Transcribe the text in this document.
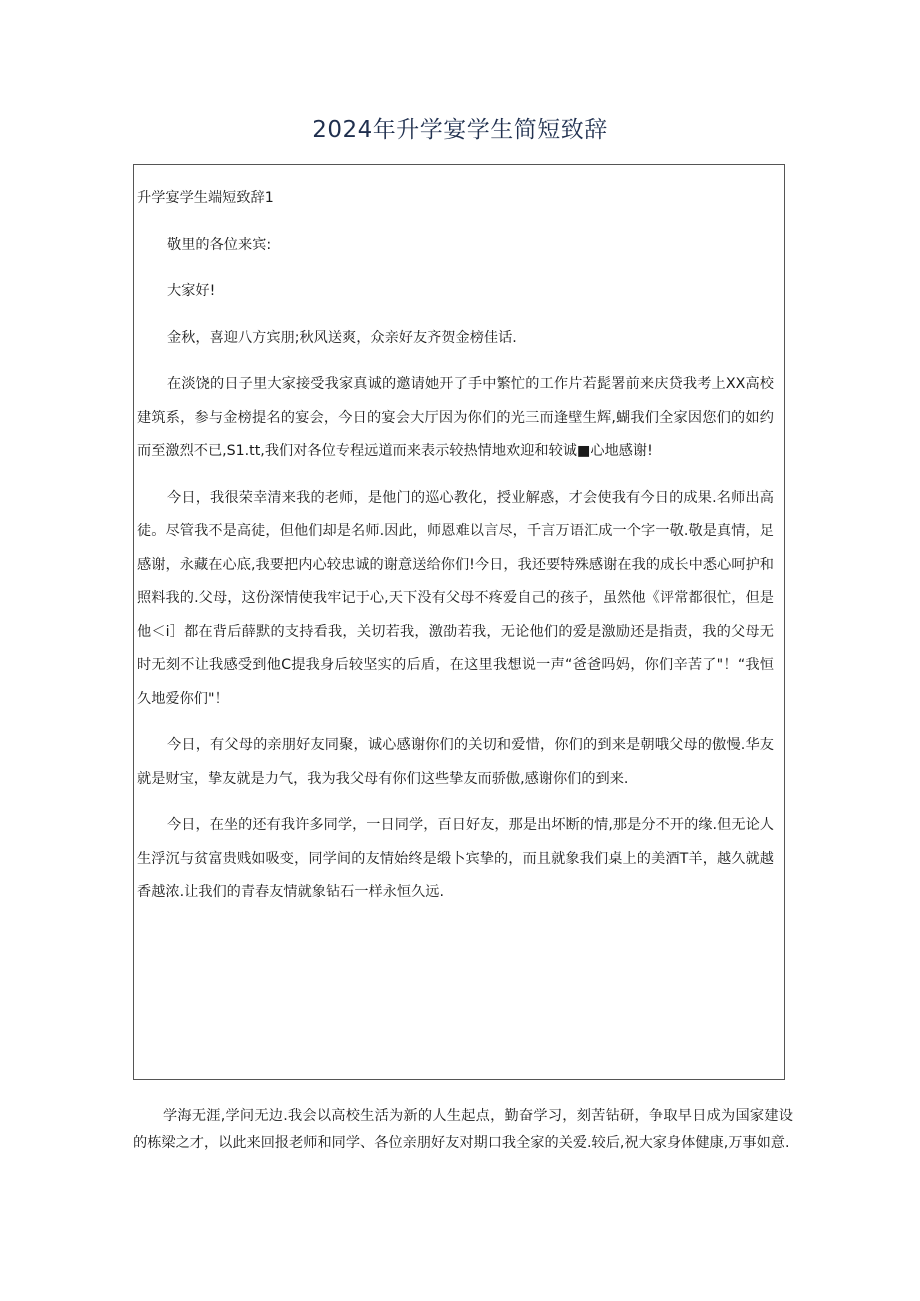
2024年升学宴学生简短致辞

升学宴学生端短致辞1

敬里的各位来宾:

大家好!

金秋，喜迎八方宾朋;秋风送爽，众亲好友齐贺金榜佳话.

在淡饶的日子里大家接受我家真诚的邀请她开了手中繁忙的工作片若髭署前来庆贷我考上XX高校建筑系，参与金榜提名的宴会，今日的宴会大厅因为你们的光三而逢壁生辉,蝴我们全家因您们的如约而至激烈不已,S1.tt,我们对各位专程远道而来表示较热情地欢迎和较诚■心地感谢!

今日，我很荣幸清来我的老师，是他门的巡心教化，授业解惑，才会使我有今日的成果.名师出高徒。尽管我不是高徒，但他们却是名师.因此，师恩难以言尽，千言万语汇成一个字一敬.敬是真情，足感谢，永藏在心底,我要把内心较忠诚的谢意送给你们!今日，我还要特殊感谢在我的成长中悉心呵护和照料我的.父母，这份深情使我牢记于心,天下没有父母不疼爱自己的孩子，虽然他《评常都很忙，但是他＜i］都在背后薛默的支持看我，关切若我，激劭若我，无论他们的爱是激励还是指责，我的父母无时无刻不让我感受到他C提我身后较坚实的后盾，在这里我想说一声“爸爸吗妈，你们辛苦了"！“我恒久地爱你们"！

今日，有父母的亲朋好友同聚，诚心感谢你们的关切和爱惜，你们的到来是朝哦父母的傲慢.华友就是财宝，挚友就是力气，我为我父母有你们这些挚友而骄傲,感谢你们的到来.

今日，在坐的还有我许多同学，一日同学，百日好友，那是出坏断的情,那是分不开的缘.但无论人生浮沉与贫富贵贱如吸变，同学间的友情始终是缎卜宾挚的，而且就象我们桌上的美酒T羊，越久就越香越浓.让我们的青春友情就象钻石一样永恒久远.

学海无涯,学问无边.我会以高校生活为新的人生起点，勤奋学习，刻苦钻研，争取早日成为国家建设的栋梁之才，以此来回报老师和同学、各位亲朋好友对期口我全家的关爱.较后,祝大家身体健康,万事如意.
